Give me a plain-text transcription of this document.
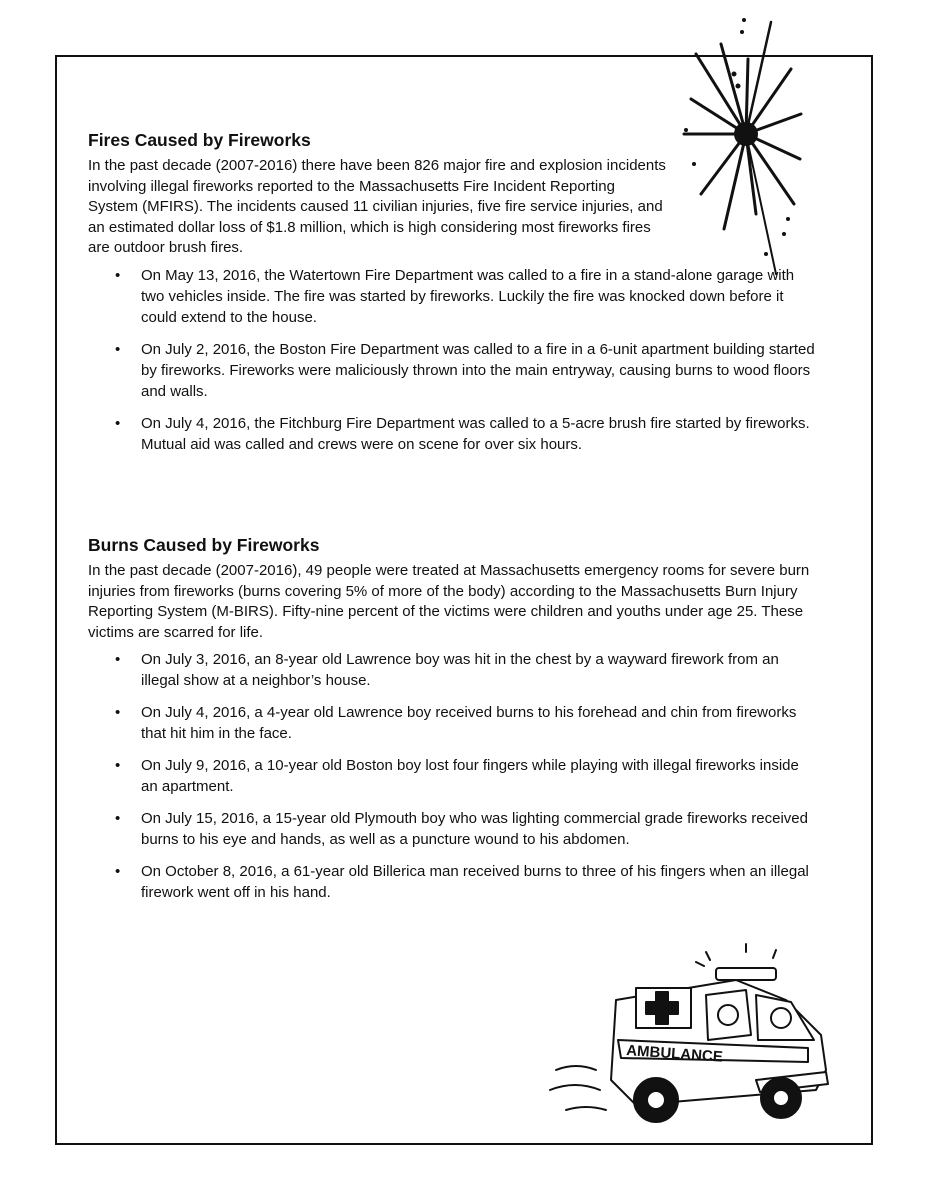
Fires Caused by Fireworks

In the past decade (2007-2016) there have been 826 major fire and explosion incidents involving illegal fireworks reported to the Massachusetts Fire Incident Reporting System (MFIRS). The incidents caused 11 civilian injuries, five fire service injuries, and an estimated dollar loss of $1.8 million, which is high considering most fireworks fires are outdoor brush fires.

• On May 13, 2016, the Watertown Fire Department was called to a fire in a stand-alone garage with two vehicles inside. The fire was started by fireworks. Luckily the fire was knocked down before it could extend to the house.
• On July 2, 2016, the Boston Fire Department was called to a fire in a 6-unit apartment building started by fireworks. Fireworks were maliciously thrown into the main entryway, causing burns to wood floors and walls.
• On July 4, 2016, the Fitchburg Fire Department was called to a 5-acre brush fire started by fireworks. Mutual aid was called and crews were on scene for over six hours.
Burns Caused by Fireworks

In the past decade (2007-2016), 49 people were treated at Massachusetts emergency rooms for severe burn injuries from fireworks (burns covering 5% of more of the body) according to the Massachusetts Burn Injury Reporting System (M-BIRS). Fifty-nine percent of the victims were children and youths under age 25. These victims are scarred for life.

• On July 3, 2016, an 8-year old Lawrence boy was hit in the chest by a wayward firework from an illegal show at a neighbor’s house.
• On July 4, 2016, a 4-year old Lawrence boy received burns to his forehead and chin from fireworks that hit him in the face.
• On July 9, 2016, a 10-year old Boston boy lost four fingers while playing with illegal fireworks inside an apartment.
• On July 15, 2016, a 15-year old Plymouth boy who was lighting commercial grade fireworks received burns to his eye and hands, as well as a puncture wound to his abdomen.
• On October 8, 2016, a 61-year old Billerica man received burns to three of his fingers when an illegal firework went off in his hand.
AMBULANCE
